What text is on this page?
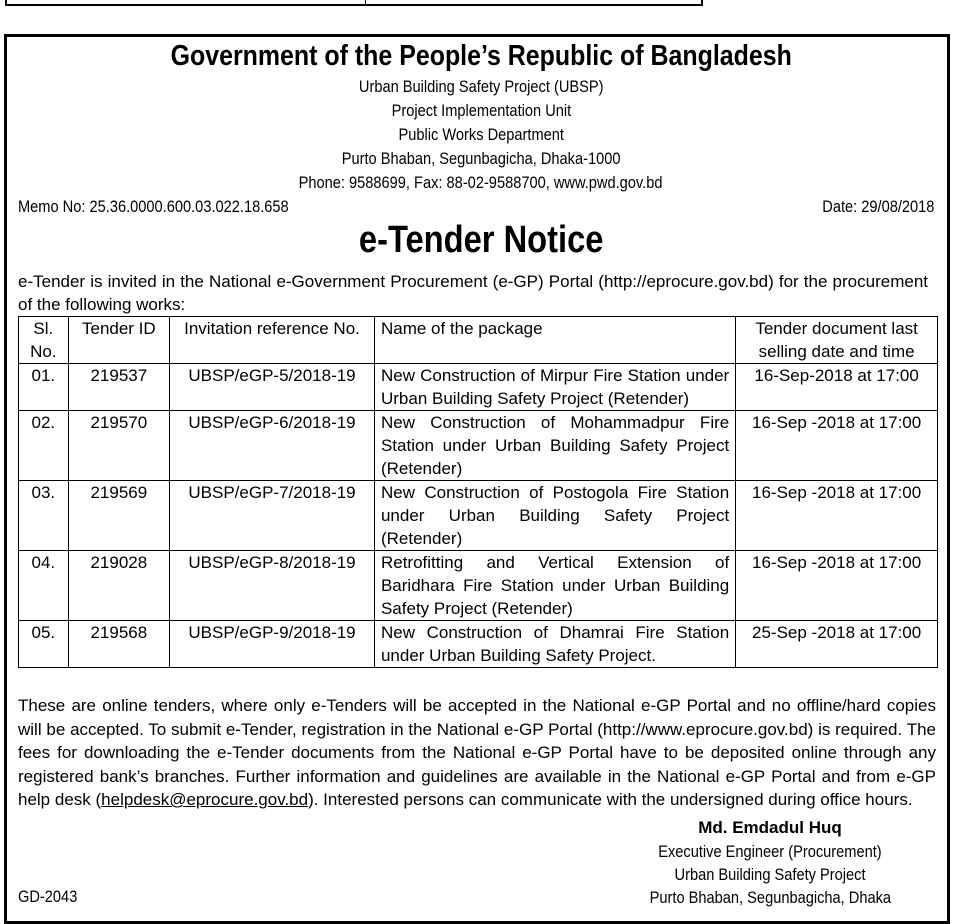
Government of the People’s Republic of Bangladesh
Urban Building Safety Project (UBSP)
Project Implementation Unit
Public Works Department
Purto Bhaban, Segunbagicha, Dhaka-1000
Phone: 9588699, Fax: 88-02-9588700, www.pwd.gov.bd
Memo No: 25.36.0000.600.03.022.18.658	Date: 29/08/2018
e-Tender Notice
e-Tender is invited in the National e-Government Procurement (e-GP) Portal (http://eprocure.gov.bd) for the procurement of the following works:
Sl. No.	Tender ID	Invitation reference No.	Name of the package	Tender document last selling date and time
01.	219537	UBSP/eGP-5/2018-19	New Construction of Mirpur Fire Station under Urban Building Safety Project (Retender)	16-Sep-2018 at 17:00
02.	219570	UBSP/eGP-6/2018-19	New Construction of Mohammadpur Fire Station under Urban Building Safety Project (Retender)	16-Sep -2018 at 17:00
03.	219569	UBSP/eGP-7/2018-19	New Construction of Postogola Fire Station under Urban Building Safety Project (Retender)	16-Sep -2018 at 17:00
04.	219028	UBSP/eGP-8/2018-19	Retrofitting and Vertical Extension of Baridhara Fire Station under Urban Building Safety Project (Retender)	16-Sep -2018 at 17:00
05.	219568	UBSP/eGP-9/2018-19	New Construction of Dhamrai Fire Station under Urban Building Safety Project.	25-Sep -2018 at 17:00
These are online tenders, where only e-Tenders will be accepted in the National e-GP Portal and no offline/hard copies will be accepted. To submit e-Tender, registration in the National e-GP Portal (http://www.eprocure.gov.bd) is required. The fees for downloading the e-Tender documents from the National e-GP Portal have to be deposited online through any registered bank’s branches. Further information and guidelines are available in the National e-GP Portal and from e-GP help desk (helpdesk@eprocure.gov.bd). Interested persons can communicate with the undersigned during office hours.
Md. Emdadul Huq
Executive Engineer (Procurement)
Urban Building Safety Project
Purto Bhaban, Segunbagicha, Dhaka
GD-2043
